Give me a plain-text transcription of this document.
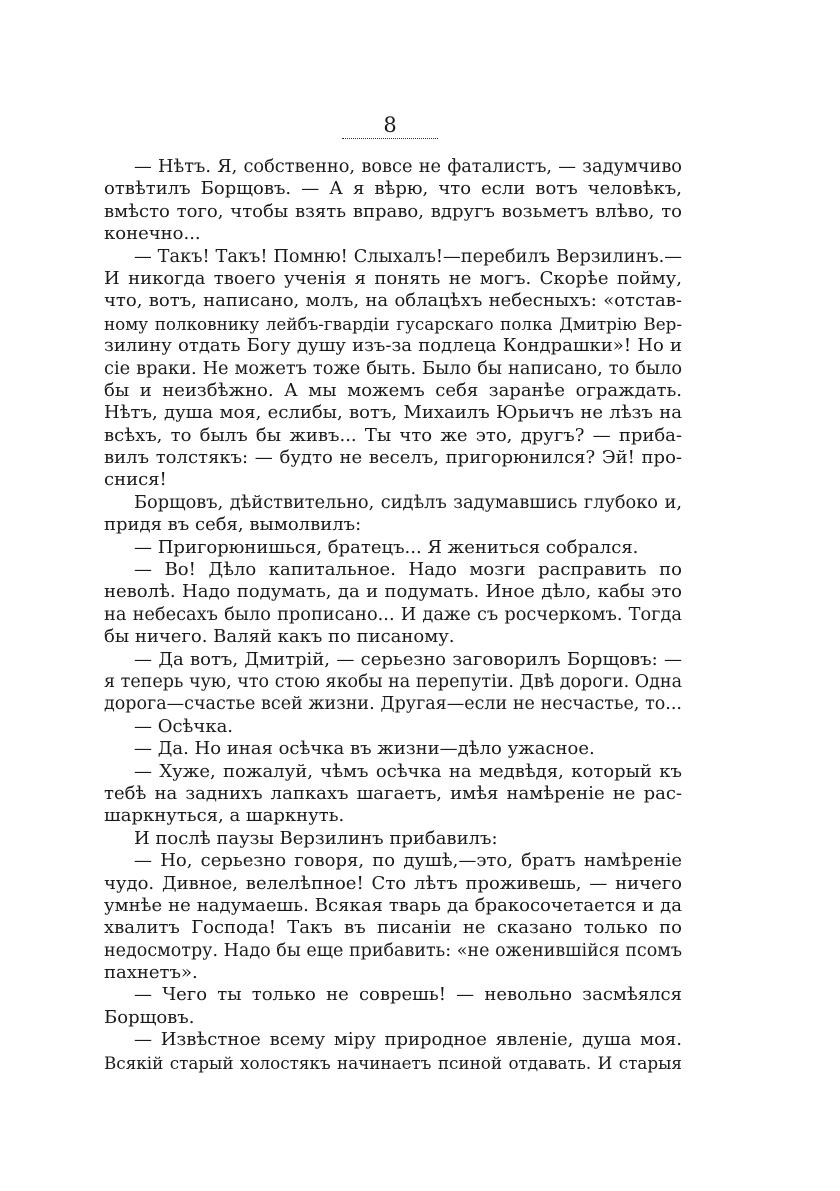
8
— Нѣтъ. Я, собственно, вовсе не фаталистъ, — задумчиво
отвѣтилъ Борщовъ. — А я вѣрю, что если вотъ человѣкъ,
вмѣсто того, чтобы взять вправо, вдругъ возьметъ влѣво, то
конечно...
— Такъ! Такъ! Помню! Слыхалъ!—перебилъ Верзилинъ.—
И никогда твоего ученія я понять не могъ. Скорѣе пойму,
что, вотъ, написано, молъ, на облацѣхъ небесныхъ: «отстав-
ному полковнику лейбъ-гвардіи гусарскаго полка Дмитрію Вер-
зилину отдать Богу душу изъ-за подлеца Кондрашки»! Но и
сіе враки. Не можетъ тоже быть. Было бы написано, то было
бы и неизбѣжно. А мы можемъ себя заранѣе ограждать.
Нѣтъ, душа моя, еслибы, вотъ, Михаилъ Юрьичъ не лѣзъ на
всѣхъ, то былъ бы живъ... Ты что же это, другъ? — приба-
вилъ толстякъ: — будто не веселъ, пригорюнился? Эй! про-
снися!
Борщовъ, дѣйствительно, сидѣлъ задумавшись глубоко и,
придя въ себя, вымолвилъ:
— Пригорюнишься, братецъ... Я жениться собрался.
— Во! Дѣло капитальное. Надо мозги расправить по
неволѣ. Надо подумать, да и подумать. Иное дѣло, кабы это
на небесахъ было прописано... И даже съ росчеркомъ. Тогда
бы ничего. Валяй какъ по писаному.
— Да вотъ, Дмитрій, — серьезно заговорилъ Борщовъ: —
я теперь чую, что стою якобы на перепутіи. Двѣ дороги. Одна
дорога—счастье всей жизни. Другая—если не несчастье, то...
— Осѣчка.
— Да. Но иная осѣчка въ жизни—дѣло ужасное.
— Хуже, пожалуй, чѣмъ осѣчка на медвѣдя, который къ
тебѣ на заднихъ лапкахъ шагаетъ, имѣя намѣреніе не рас-
шаркнуться, а шаркнуть.
И послѣ паузы Верзилинъ прибавилъ:
— Но, серьезно говоря, по душѣ,—это, братъ намѣреніе
чудо. Дивное, велелѣпное! Сто лѣтъ проживешь, — ничего
умнѣе не надумаешь. Всякая тварь да бракосочетается и да
хвалитъ Господа! Такъ въ писаніи не сказано только по
недосмотру. Надо бы еще прибавить: «не оженившійся псомъ
пахнетъ».
— Чего ты только не соврешь! — невольно засмѣялся
Борщовъ.
— Извѣстное всему міру природное явленіе, душа моя.
Всякій старый холостякъ начинаетъ псиной отдавать. И старыя
